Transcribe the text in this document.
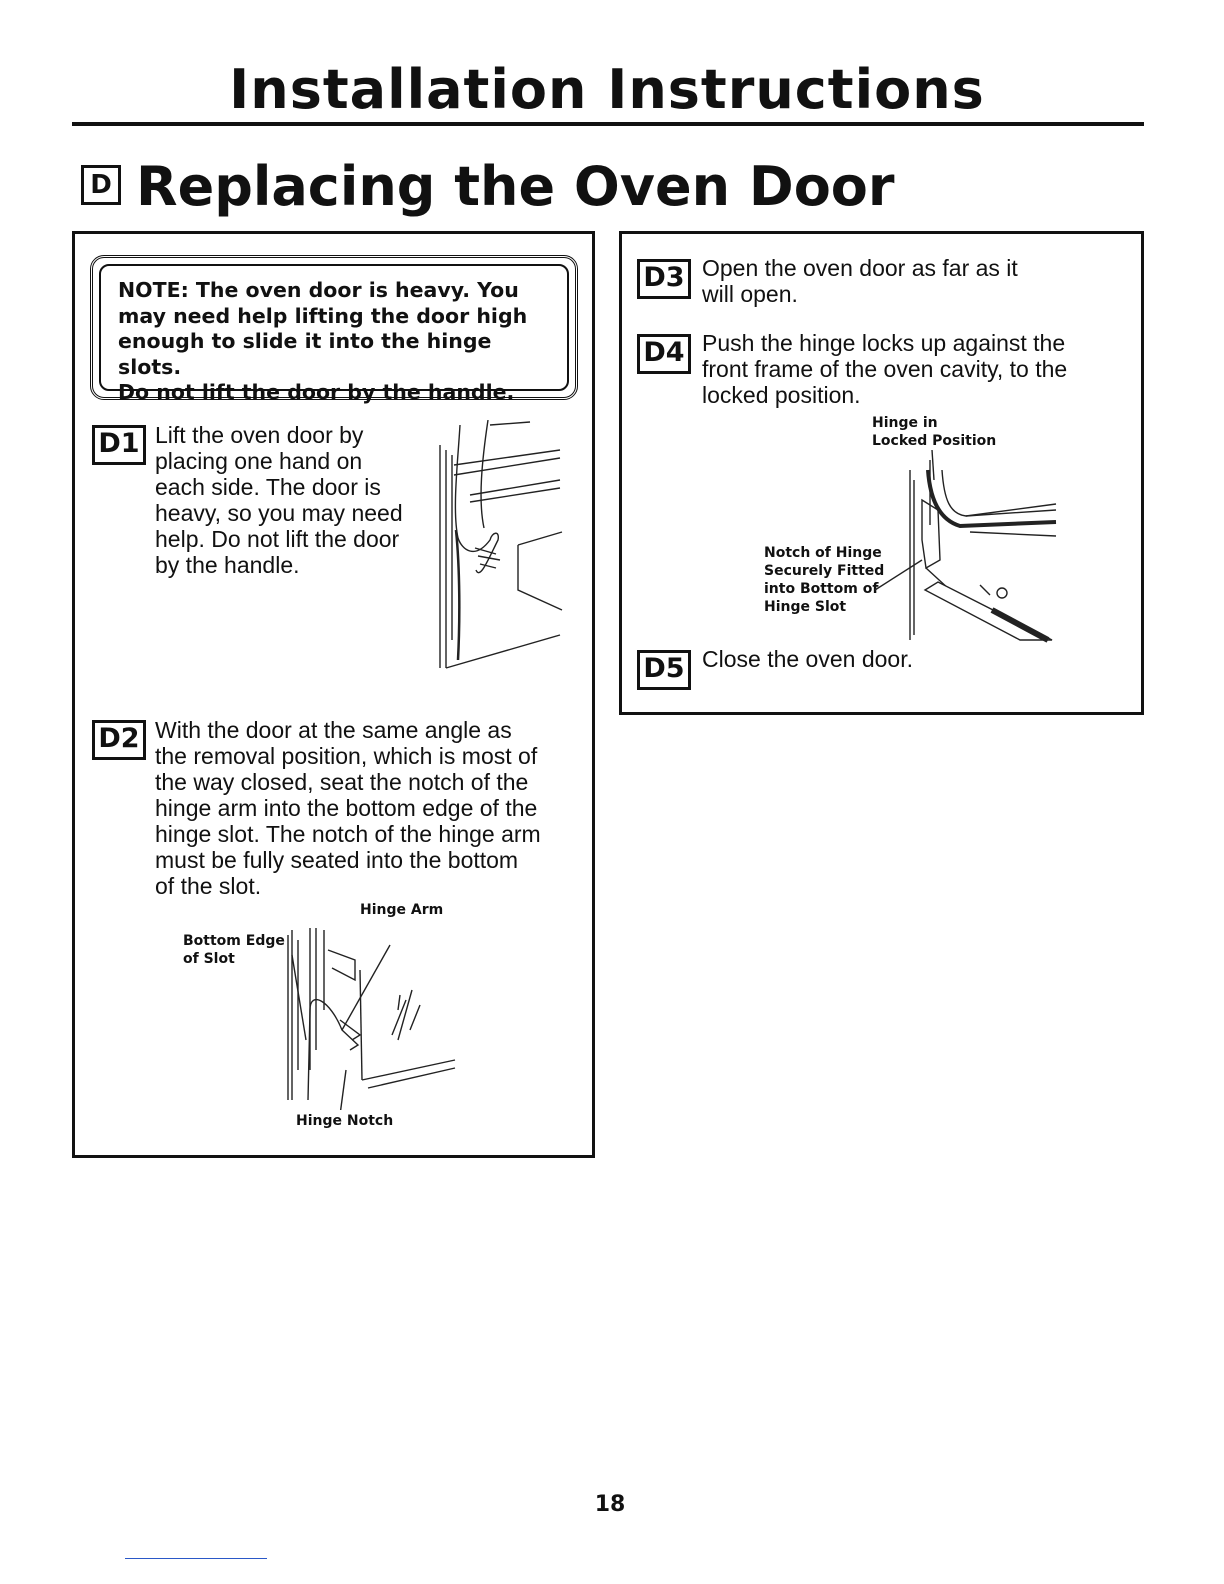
Installation Instructions
D Replacing the Oven Door
NOTE: The oven door is heavy. You
may need help lifting the door high
enough to slide it into the hinge slots.
Do not lift the door by the handle.
D1 Lift the oven door by
placing one hand on
each side. The door is
heavy, so you may need
help. Do not lift the door
by the handle.
D2 With the door at the same angle as
the removal position, which is most of
the way closed, seat the notch of the
hinge arm into the bottom edge of the
hinge slot. The notch of the hinge arm
must be fully seated into the bottom
of the slot.
Hinge Arm
Bottom Edge
of Slot
Hinge Notch
D3 Open the oven door as far as it
will open.
D4 Push the hinge locks up against the
front frame of the oven cavity, to the
locked position.
Hinge in
Locked Position
Notch of Hinge
Securely Fitted
into Bottom of
Hinge Slot
D5 Close the oven door.
18
